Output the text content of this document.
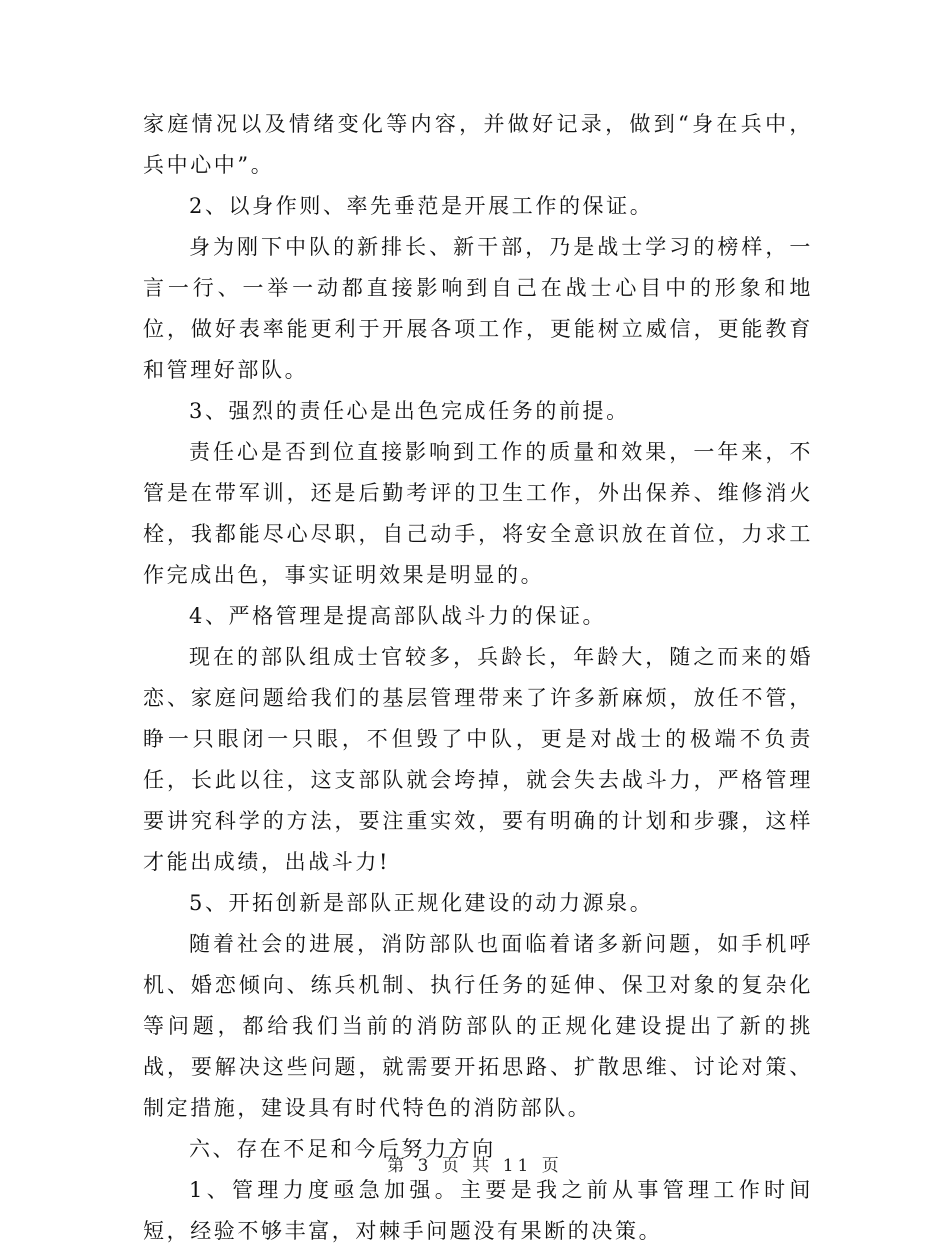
家庭情况以及情绪变化等内容，并做好记录，做到“身在兵中，兵中心中”。

2、以身作则、率先垂范是开展工作的保证。

身为刚下中队的新排长、新干部，乃是战士学习的榜样，一言一行、一举一动都直接影响到自己在战士心目中的形象和地位，做好表率能更利于开展各项工作，更能树立威信，更能教育和管理好部队。

3、强烈的责任心是出色完成任务的前提。

责任心是否到位直接影响到工作的质量和效果，一年来，不管是在带军训，还是后勤考评的卫生工作，外出保养、维修消火栓，我都能尽心尽职，自己动手，将安全意识放在首位，力求工作完成出色，事实证明效果是明显的。

4、严格管理是提高部队战斗力的保证。

现在的部队组成士官较多，兵龄长，年龄大，随之而来的婚恋、家庭问题给我们的基层管理带来了许多新麻烦，放任不管，睁一只眼闭一只眼，不但毁了中队，更是对战士的极端不负责任，长此以往，这支部队就会垮掉，就会失去战斗力，严格管理要讲究科学的方法，要注重实效，要有明确的计划和步骤，这样才能出成绩，出战斗力!

5、开拓创新是部队正规化建设的动力源泉。

随着社会的进展，消防部队也面临着诸多新问题，如手机呼机、婚恋倾向、练兵机制、执行任务的延伸、保卫对象的复杂化等问题，都给我们当前的消防部队的正规化建设提出了新的挑战，要解决这些问题，就需要开拓思路、扩散思维、讨论对策、制定措施，建设具有时代特色的消防部队。

六、存在不足和今后努力方向

1、管理力度亟急加强。主要是我之前从事管理工作时间短，经验不够丰富，对棘手问题没有果断的决策。

第 3 页 共 11 页
